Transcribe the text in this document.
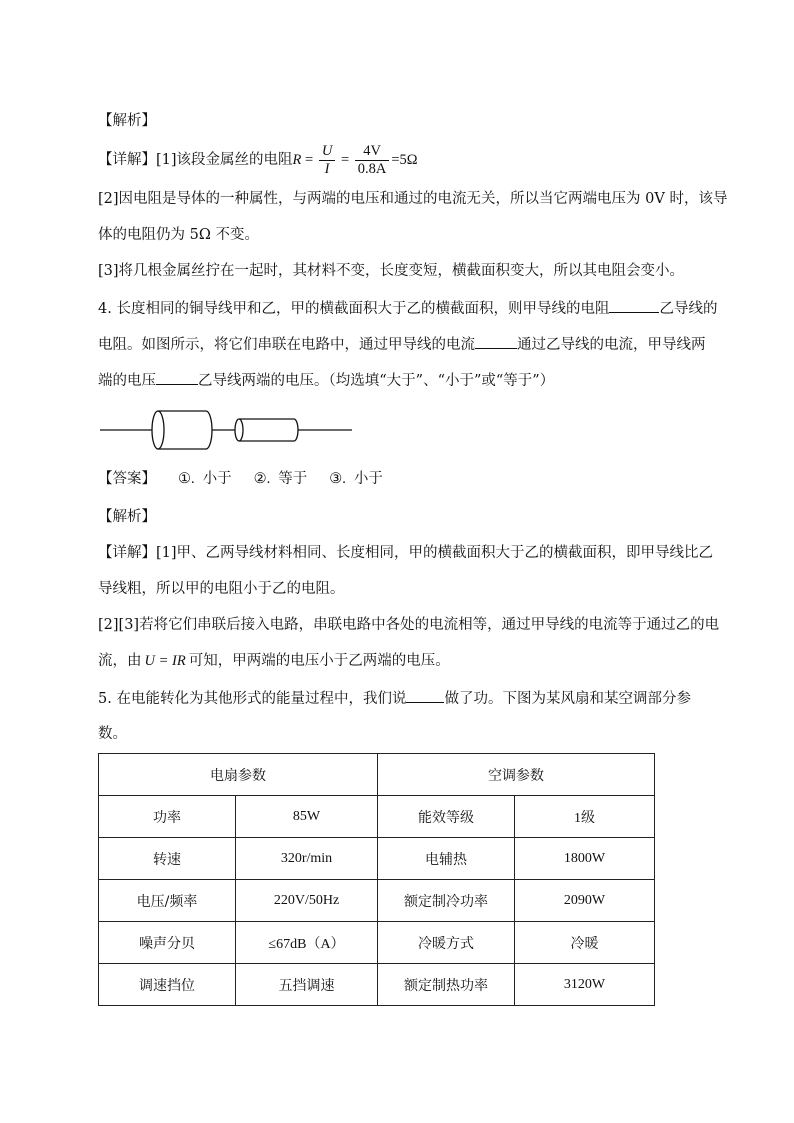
【解析】
【详解】[1]该段金属丝的电阻$R = \frac{U}{I} = \frac{4V}{0.8A} =5\Omega$
[2]因电阻是导体的一种属性，与两端的电压和通过的电流无关，所以当它两端电压为 0V 时，该导
体的电阻仍为 5Ω 不变。
[3]将几根金属丝拧在一起时，其材料不变，长度变短，横截面积变大，所以其电阻会变小。
4. 长度相同的铜导线甲和乙，甲的横截面积大于乙的横截面积，则甲导线的电阻	乙导线的
电阻。如图所示，将它们串联在电路中，通过甲导线的电流	通过乙导线的电流，甲导线两
端的电压	乙导线两端的电压。（均选填“大于”、“小于”或“等于”）
【答案】 ①. 小于 ②. 等于 ③. 小于
【解析】
【详解】[1]甲、乙两导线材料相同、长度相同，甲的横截面积大于乙的横截面积，即甲导线比乙
导线粗，所以甲的电阻小于乙的电阻。
[2][3]若将它们串联后接入电路，串联电路中各处的电流相等，通过甲导线的电流等于通过乙的电
流，由 U = IR 可知，甲两端的电压小于乙两端的电压。
5. 在电能转化为其他形式的能量过程中，我们说	做了功。下图为某风扇和某空调部分参
数。
电扇参数		空调参数	
功率	85W	能效等级	1级
转速	320r/min	电辅热	1800W
电压/频率	220V/50Hz	额定制冷功率	2090W
噪声分贝	≤67dB（A）	冷暖方式	冷暖
调速挡位	五挡调速	额定制热功率	3120W
